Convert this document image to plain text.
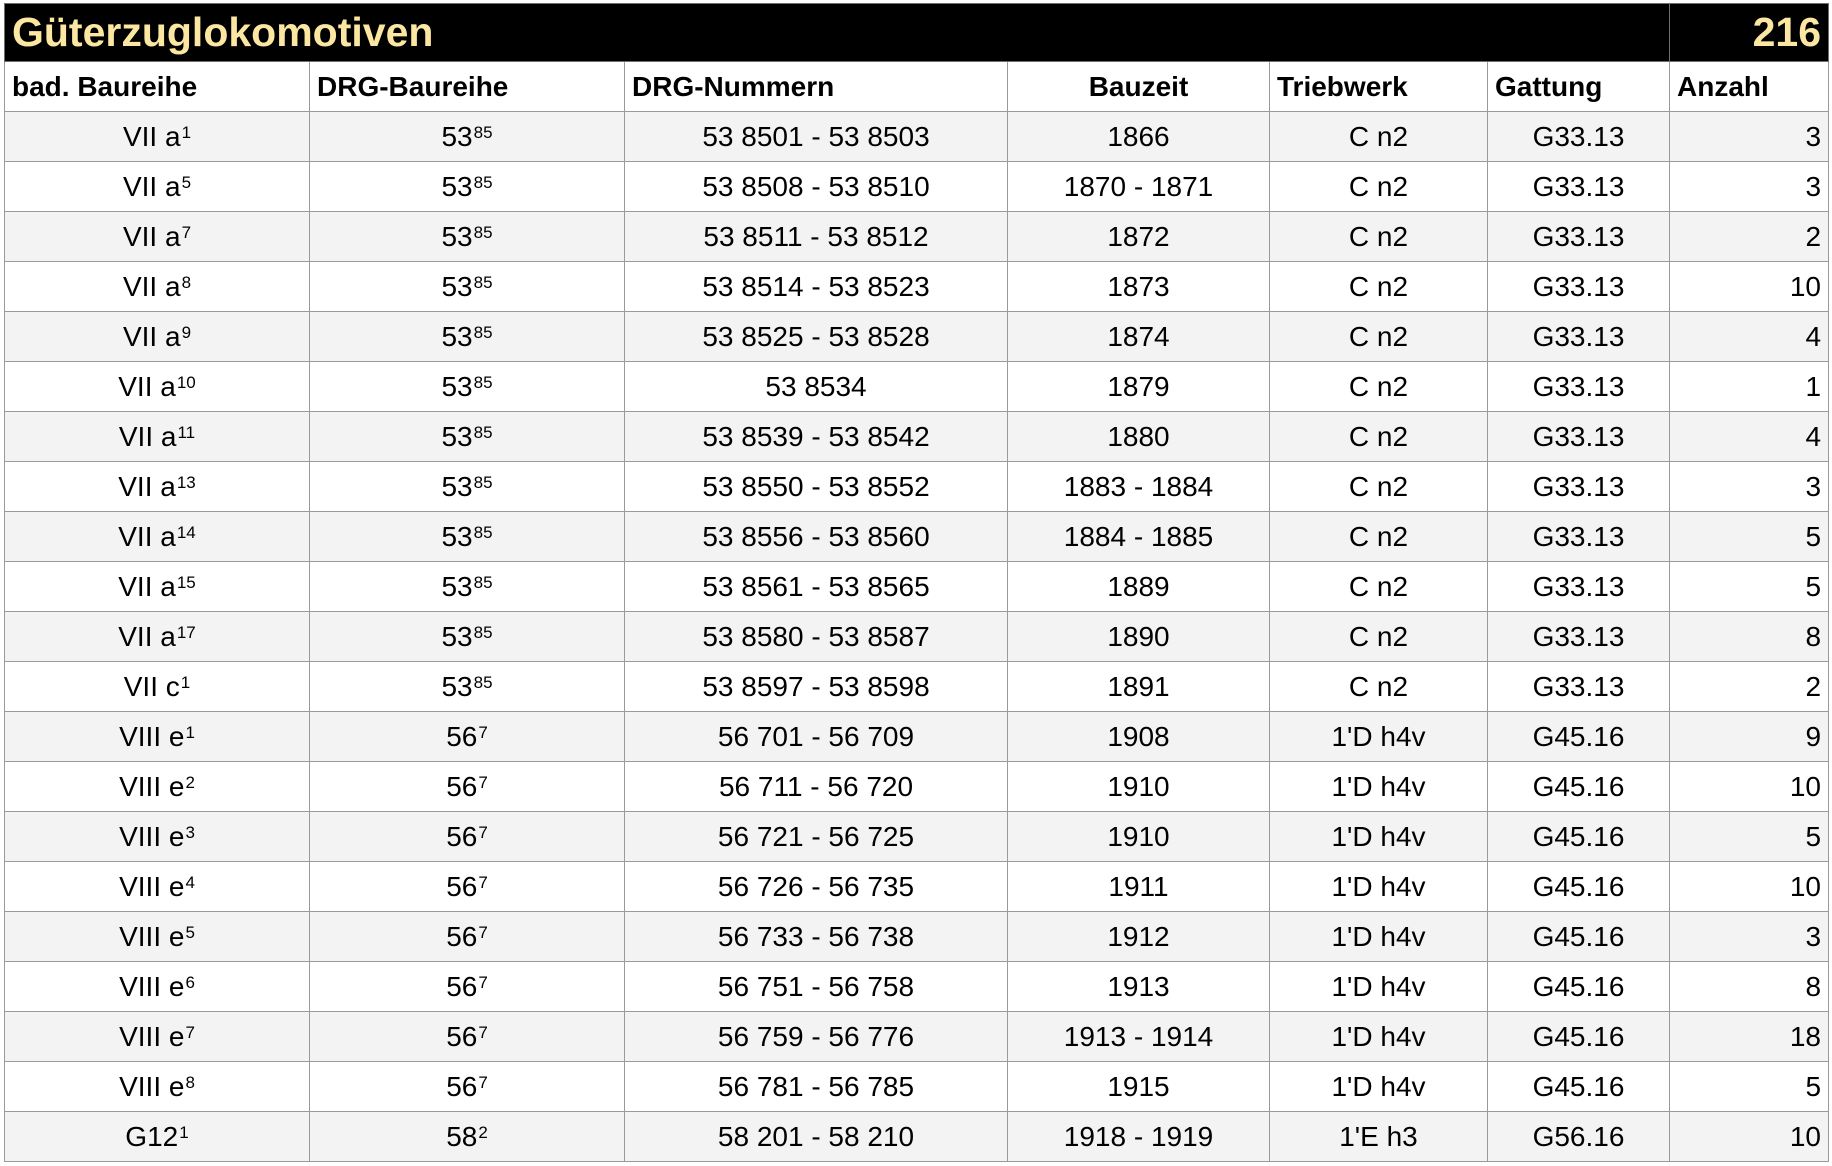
Güterzuglokomotiven						216
bad. Baureihe	DRG-Baureihe	DRG-Nummern	Bauzeit	Triebwerk	Gattung	Anzahl
VII $a^1$	$53^{85}$	53 8501 - 53 8503	1866	C n2	G33.13	3
VII $a^5$	$53^{85}$	53 8508 - 53 8510	1870 - 1871	C n2	G33.13	3
VII $a^7$	$53^{85}$	53 8511 - 53 8512	1872	C n2	G33.13	2
VII $a^8$	$53^{85}$	53 8514 - 53 8523	1873	C n2	G33.13	10
VII $a^9$	$53^{85}$	53 8525 - 53 8528	1874	C n2	G33.13	4
VII $a^{10}$	$53^{85}$	53 8534	1879	C n2	G33.13	1
VII $a^{11}$	$53^{85}$	53 8539 - 53 8542	1880	C n2	G33.13	4
VII $a^{13}$	$53^{85}$	53 8550 - 53 8552	1883 - 1884	C n2	G33.13	3
VII $a^{14}$	$53^{85}$	53 8556 - 53 8560	1884 - 1885	C n2	G33.13	5
VII $a^{15}$	$53^{85}$	53 8561 - 53 8565	1889	C n2	G33.13	5
VII $a^{17}$	$53^{85}$	53 8580 - 53 8587	1890	C n2	G33.13	8
VII $c^1$	$53^{85}$	53 8597 - 53 8598	1891	C n2	G33.13	2
VIII $e^1$	$56^7$	56 701 - 56 709	1908	1'D h4v	G45.16	9
VIII $e^2$	$56^7$	56 711 - 56 720	1910	1'D h4v	G45.16	10
VIII $e^3$	$56^7$	56 721 - 56 725	1910	1'D h4v	G45.16	5
VIII $e^4$	$56^7$	56 726 - 56 735	1911	1'D h4v	G45.16	10
VIII $e^5$	$56^7$	56 733 - 56 738	1912	1'D h4v	G45.16	3
VIII $e^6$	$56^7$	56 751 - 56 758	1913	1'D h4v	G45.16	8
VIII $e^7$	$56^7$	56 759 - 56 776	1913 - 1914	1'D h4v	G45.16	18
VIII $e^8$	$56^7$	56 781 - 56 785	1915	1'D h4v	G45.16	5
$G12^1$	$58^2$	58 201 - 58 210	1918 - 1919	1'E h3	G56.16	10
